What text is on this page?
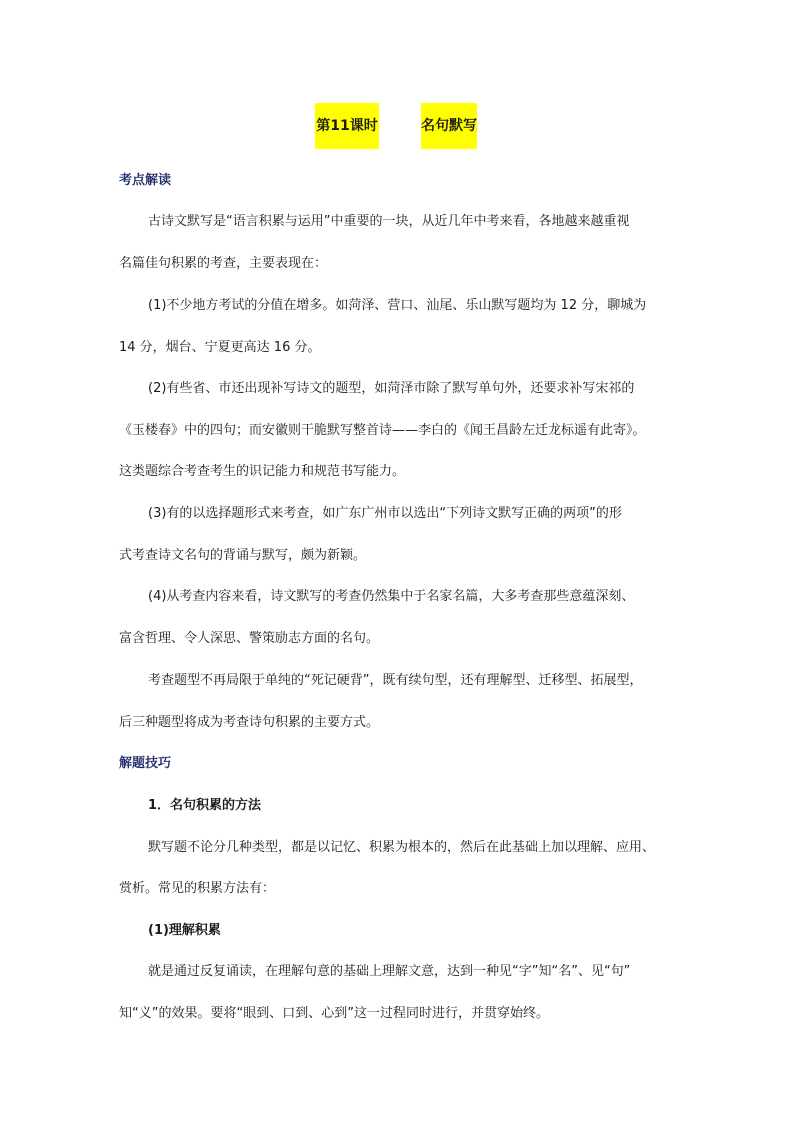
第11课时	名句默写
考点解读
古诗文默写是“语言积累与运用”中重要的一块，从近几年中考来看，各地越来越重视
名篇佳句积累的考查，主要表现在：
(1)不少地方考试的分值在增多。如菏泽、营口、汕尾、乐山默写题均为 12 分，聊城为
14 分，烟台、宁夏更高达 16 分。
(2)有些省、市还出现补写诗文的题型，如菏泽市除了默写单句外，还要求补写宋祁的
《玉楼春》中的四句；而安徽则干脆默写整首诗——李白的《闻王昌龄左迁龙标遥有此寄》。
这类题综合考查考生的识记能力和规范书写能力。
(3)有的以选择题形式来考查，如广东广州市以选出“下列诗文默写正确的两项”的形
式考查诗文名句的背诵与默写，颇为新颖。
(4)从考查内容来看，诗文默写的考查仍然集中于名家名篇，大多考查那些意蕴深刻、
富含哲理、令人深思、警策励志方面的名句。
考查题型不再局限于单纯的“死记硬背”，既有续句型，还有理解型、迁移型、拓展型，
后三种题型将成为考查诗句积累的主要方式。
解题技巧
1．名句积累的方法
默写题不论分几种类型，都是以记忆、积累为根本的，然后在此基础上加以理解、应用、
赏析。常见的积累方法有：
(1)理解积累
就是通过反复诵读，在理解句意的基础上理解文意，达到一种见“字”知“名”、见“句”
知“义”的效果。要将“眼到、口到、心到”这一过程同时进行，并贯穿始终。
